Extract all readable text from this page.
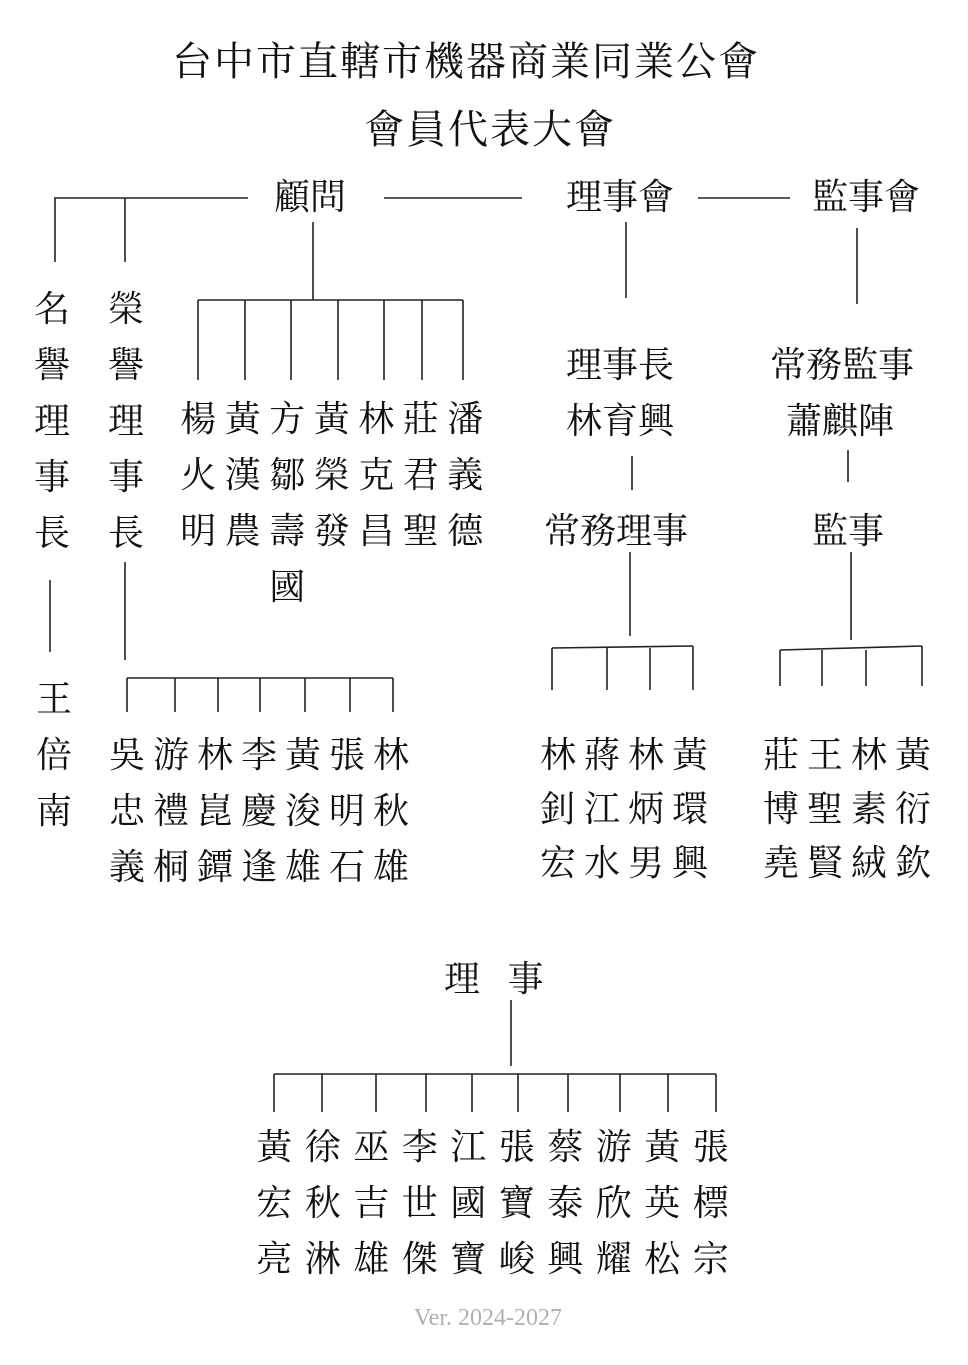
台中市直轄市機器商業同業公會
會員代表大會
顧問	理事會	監事會
名
譽
理
事
長
榮
譽
理
事
長
王
倍
南
楊
火
明
黃
漢
農
方
鄒
壽
國
黃
榮
發
林
克
昌
莊
君
聖
潘
義
德
吳
忠
義
游
禮
桐
林
崑
鐔
李
慶
逢
黃
浚
雄
張
明
石
林
秋
雄
理事長
林育興
常務監事
蕭麒陣
常務理事
林
釗
宏
蔣
江
水
林
炳
男
黃
環
興
監事
莊
博
堯
王
聖
賢
林
素
絨
黃
衍
欽
理 事
黃
宏
亮
徐
秋
淋
巫
吉
雄
李
世
傑
江
國
寶
張
寶
峻
蔡
泰
興
游
欣
耀
黃
英
松
張
標
宗
Ver. 2024-2027
